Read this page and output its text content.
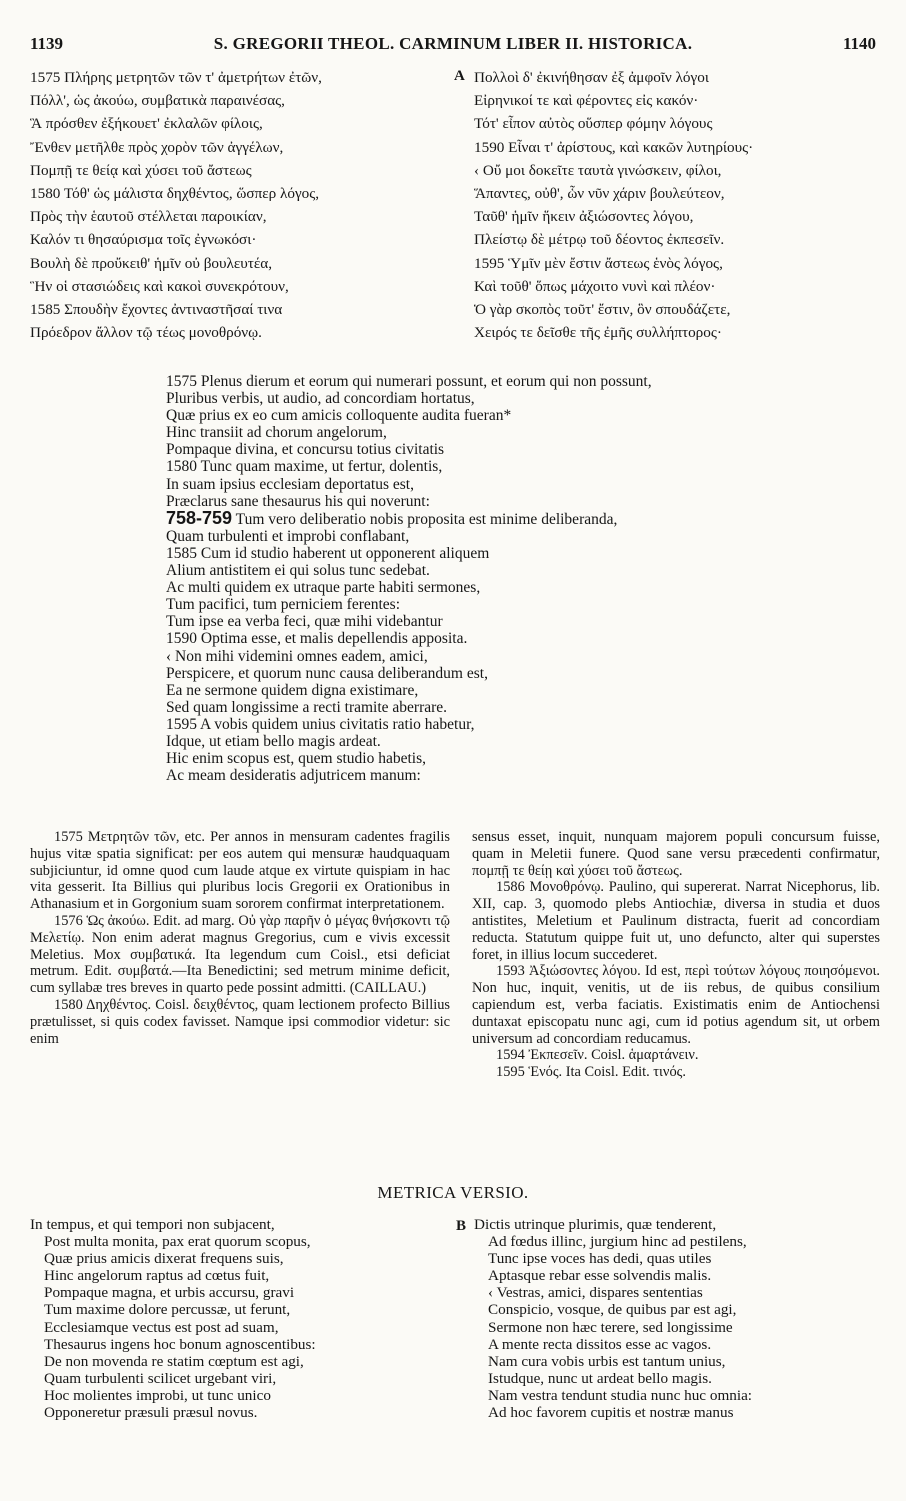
1139	S. GREGORII THEOL. CARMINUM LIBER II. HISTORICA.	1140
1575 Πλήρης μετρητῶν τῶν τ' ἀμετρήτων ἐτῶν,
Πόλλ', ὡς ἀκούω, συμβατικὰ παραινέσας,
Ἃ πρόσθεν ἐξήκουετ' ἐκλαλῶν φίλοις,
Ἔνθεν μετῆλθε πρὸς χορὸν τῶν ἀγγέλων,
Πομπῇ τε θείᾳ καὶ χύσει τοῦ ἄστεως
1580 Τόθ' ὡς μάλιστα δηχθέντος, ὥσπερ λόγος,
Πρὸς τὴν ἑαυτοῦ στέλλεται παροικίαν,
Καλόν τι θησαύρισμα τοῖς ἐγνωκόσι·
Βουλὴ δὲ προὔκειθ' ἡμῖν οὐ βουλευτέα,
Ἣν οἱ στασιώδεις καὶ κακοὶ συνεκρότουν,
1585 Σπουδὴν ἔχοντες ἀντιναστῆσαί τινα
Πρόεδρον ἄλλον τῷ τέως μονοθρόνῳ.
A Πολλοὶ δ' ἐκινήθησαν ἐξ ἀμφοῖν λόγοι
Εἰρηνικοί τε καὶ φέροντες εἰς κακόν·
Τότ' εἶπον αὐτὸς οὕσπερ φόμην λόγους
1590 Εἶναι τ' ἀρίστους, καὶ κακῶν λυτηρίους·
‹ Οὔ μοι δοκεῖτε ταυτὰ γινώσκειν, φίλοι,
Ἅπαντες, οὐθ', ὧν νῦν χάριν βουλεύτεον,
Ταῦθ' ἡμῖν ἥκειν ἀξιώσοντες λόγου,
Πλείστῳ δὲ μέτρῳ τοῦ δέοντος ἐκπεσεῖν.
1595 Ὑμῖν μὲν ἔστιν ἄστεως ἑνὸς λόγος,
Καὶ τοῦθ' ὅπως μάχοιτο νυνὶ καὶ πλέον·
Ὁ γὰρ σκοπὸς τοῦτ' ἔστιν, ὃν σπουδάζετε,
Χειρός τε δεῖσθε τῆς ἐμῆς συλλήπτορος·
1575 Plenus dierum et eorum qui numerari possunt, et eorum qui non possunt,
Pluribus verbis, ut audio, ad concordiam hortatus,
Quæ prius ex eo cum amicis colloquente audita fueran*
Hinc transiit ad chorum angelorum,
Pompaque divina, et concursu totius civitatis
1580 Tunc quam maxime, ut fertur, dolentis,
In suam ipsius ecclesiam deportatus est,
Præclarus sane thesaurus his qui noverunt:
758-759 Tum vero deliberatio nobis proposita est minime deliberanda,
Quam turbulenti et improbi conflabant,
1585 Cum id studio haberent ut opponerent aliquem
Alium antistitem ei qui solus tunc sedebat.
Ac multi quidem ex utraque parte habiti sermones,
Tum pacifici, tum perniciem ferentes:
Tum ipse ea verba feci, quæ mihi videbantur
1590 Optima esse, et malis depellendis apposita.
‹ Non mihi videmini omnes eadem, amici,
Perspicere, et quorum nunc causa deliberandum est,
Ea ne sermone quidem digna existimare,
Sed quam longissime a recti tramite aberrare.
1595 A vobis quidem unius civitatis ratio habetur,
Idque, ut etiam bello magis ardeat.
Hic enim scopus est, quem studio habetis,
Ac meam desideratis adjutricem manum:

1575 Μετρητῶν τῶν, etc. Per annos in mensuram cadentes fragilis hujus vitæ spatia significat: per eos autem qui mensuræ haudquaquam subjiciuntur, id omne quod cum laude atque ex virtute quispiam in hac vita gesserit. Ita Billius qui pluribus locis Gregorii ex Orationibus in Athanasium et in Gorgonium suam sororem confirmat interpretationem.

1576 Ὡς ἀκούω. Edit. ad marg. Οὐ γὰρ παρῆν ὁ μέγας θνήσκοντι τῷ Μελετίῳ. Non enim aderat magnus Gregorius, cum e vivis excessit Meletius. Mox συμβατικά. Ita legendum cum Coisl., etsi deficiat metrum. Edit. συμβατά.—Ita Benedictini; sed metrum minime deficit, cum syllabæ tres breves in quarto pede possint admitti. (CAILLAU.)

1580 Δηχθέντος. Coisl. δειχθέντος, quam lectionem profecto Billius prætulisset, si quis codex favisset. Namque ipsi commodior videtur: sic enim

sensus esset, inquit, nunquam majorem populi concursum fuisse, quam in Meletii funere. Quod sane versu præcedenti confirmatur, πομπῇ τε θείῃ καὶ χύσει τοῦ ἄστεως.

1586 Μονοθρόνῳ. Paulino, qui supererat. Narrat Nicephorus, lib. XII, cap. 3, quomodo plebs Antiochiæ, diversa in studia et duos antistites, Meletium et Paulinum distracta, fuerit ad concordiam reducta. Statutum quippe fuit ut, uno defuncto, alter qui superstes foret, in illius locum succederet.

1593 Ἀξιώσοντες λόγου. Id est, περὶ τούτων λόγους ποιησόμενοι. Non huc, inquit, venitis, ut de iis rebus, de quibus consilium capiendum est, verba faciatis. Existimatis enim de Antiochensi duntaxat episcopatu nunc agi, cum id potius agendum sit, ut orbem universum ad concordiam reducamus.

1594 Ἐκπεσεῖν. Coisl. ἁμαρτάνειν.

1595 Ἑνός. Ita Coisl. Edit. τινός.

METRICA VERSIO.
In tempus, et qui tempori non subjacent,
Post multa monita, pax erat quorum scopus,
Quæ prius amicis dixerat frequens suis,
Hinc angelorum raptus ad cœtus fuit,
Pompaque magna, et urbis accursu, gravi
Tum maxime dolore percussæ, ut ferunt,
Ecclesiamque vectus est post ad suam,
Thesaurus ingens hoc bonum agnoscentibus:
De non movenda re statim cœptum est agi,
Quam turbulenti scilicet urgebant viri,
Hoc molientes improbi, ut tunc unico
Opponeretur præsuli præsul novus.
B Dictis utrinque plurimis, quæ tenderent,
Ad fœdus illinc, jurgium hinc ad pestilens,
Tunc ipse voces has dedi, quas utiles
Aptasque rebar esse solvendis malis.
‹ Vestras, amici, dispares sententias
Conspicio, vosque, de quibus par est agi,
Sermone non hæc terere, sed longissime
A mente recta dissitos esse ac vagos.
Nam cura vobis urbis est tantum unius,
Istudque, nunc ut ardeat bello magis.
Nam vestra tendunt studia nunc huc omnia:
Ad hoc favorem cupitis et nostræ manus
